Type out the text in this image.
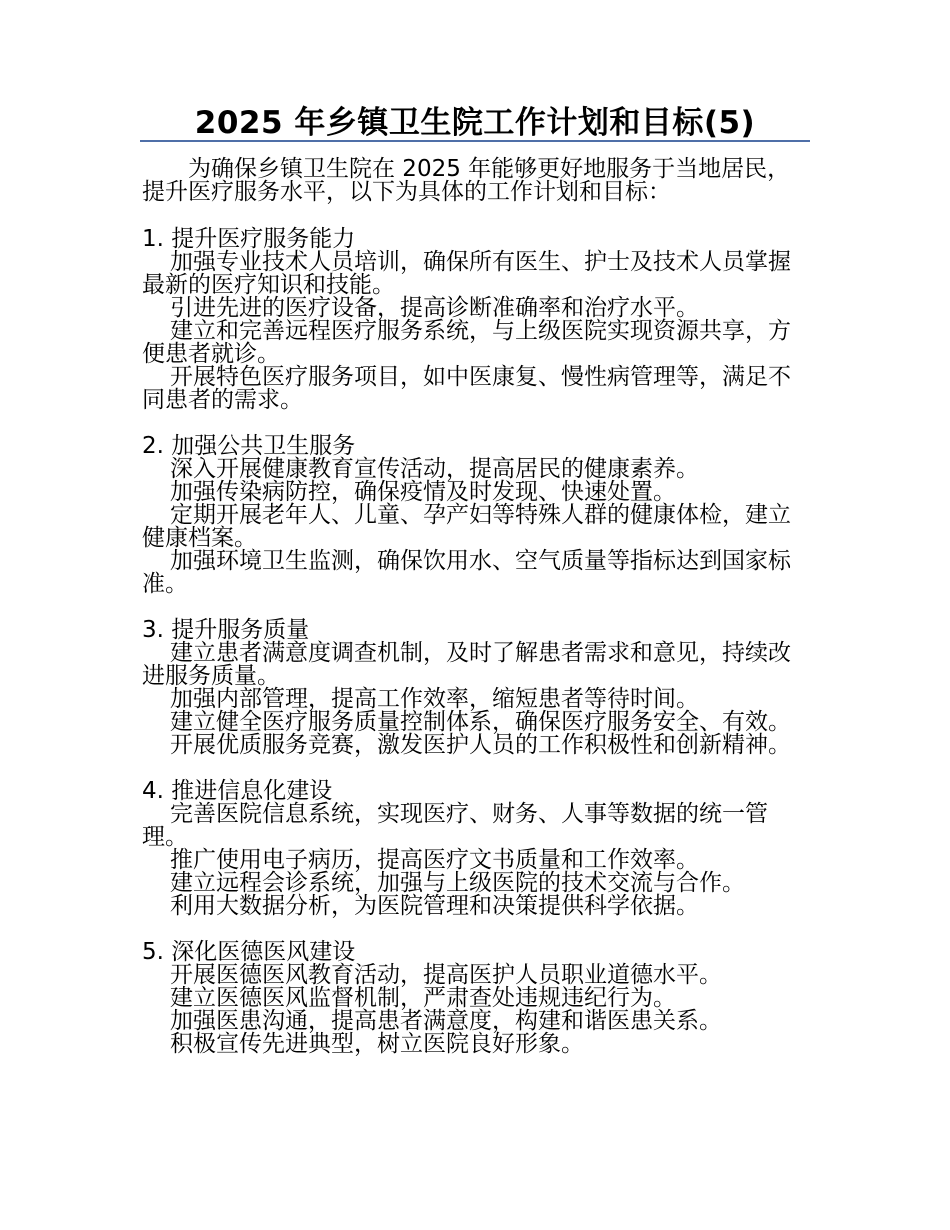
2025 年乡镇卫生院工作计划和目标(5)

为确保乡镇卫生院在 2025 年能够更好地服务于当地居民，提升医疗服务水平，以下为具体的工作计划和目标：

1. 提升医疗服务能力

加强专业技术人员培训，确保所有医生、护士及技术人员掌握最新的医疗知识和技能。

引进先进的医疗设备，提高诊断准确率和治疗水平。

建立和完善远程医疗服务系统，与上级医院实现资源共享，方便患者就诊。

开展特色医疗服务项目，如中医康复、慢性病管理等，满足不同患者的需求。

2. 加强公共卫生服务

深入开展健康教育宣传活动，提高居民的健康素养。

加强传染病防控，确保疫情及时发现、快速处置。

定期开展老年人、儿童、孕产妇等特殊人群的健康体检，建立健康档案。

加强环境卫生监测，确保饮用水、空气质量等指标达到国家标准。

3. 提升服务质量

建立患者满意度调查机制，及时了解患者需求和意见，持续改进服务质量。

加强内部管理，提高工作效率，缩短患者等待时间。

建立健全医疗服务质量控制体系，确保医疗服务安全、有效。

开展优质服务竞赛，激发医护人员的工作积极性和创新精神。

4. 推进信息化建设

完善医院信息系统，实现医疗、财务、人事等数据的统一管理。

推广使用电子病历，提高医疗文书质量和工作效率。

建立远程会诊系统，加强与上级医院的技术交流与合作。

利用大数据分析，为医院管理和决策提供科学依据。

5. 深化医德医风建设

开展医德医风教育活动，提高医护人员职业道德水平。

建立医德医风监督机制，严肃查处违规违纪行为。

加强医患沟通，提高患者满意度，构建和谐医患关系。

积极宣传先进典型，树立医院良好形象。
